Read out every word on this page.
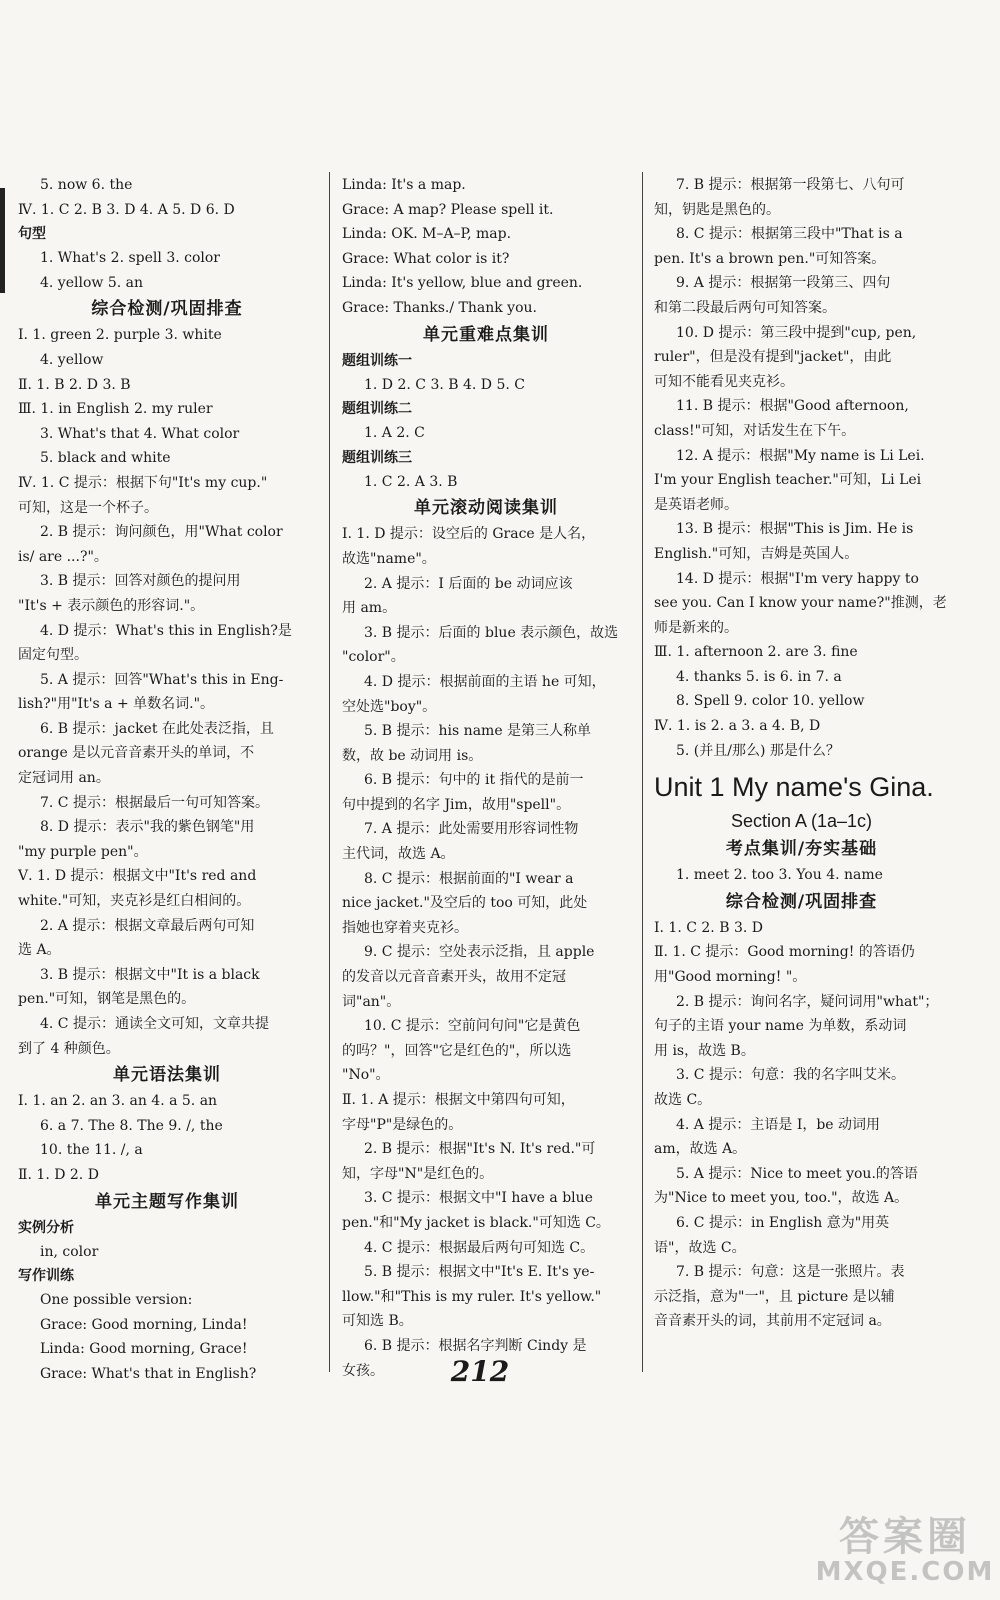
5. now 6. the
Ⅳ. 1. C 2. B 3. D 4. A 5. D 6. D
句型
1. What's 2. spell 3. color
4. yellow 5. an
综合检测/巩固排查
Ⅰ. 1. green 2. purple 3. white
4. yellow
Ⅱ. 1. B 2. D 3. B
Ⅲ. 1. in English 2. my ruler
3. What's that 4. What color
5. black and white
Ⅳ. 1. C 提示：根据下句"It's my cup."
可知，这是一个杯子。
2. B 提示：询问颜色，用"What color
is/ are ...?"。
3. B 提示：回答对颜色的提问用
"It's + 表示颜色的形容词."。
4. D 提示：What's this in English?是
固定句型。
5. A 提示：回答"What's this in Eng-
lish?"用"It's a + 单数名词."。
6. B 提示：jacket 在此处表泛指，且
orange 是以元音音素开头的单词，不
定冠词用 an。
7. C 提示：根据最后一句可知答案。
8. D 提示：表示"我的紫色钢笔"用
"my purple pen"。
Ⅴ. 1. D 提示：根据文中"It's red and
white."可知，夹克衫是红白相间的。
2. A 提示：根据文章最后两句可知
选 A。
3. B 提示：根据文中"It is a black
pen."可知，钢笔是黑色的。
4. C 提示：通读全文可知，文章共提
到了 4 种颜色。
单元语法集训
Ⅰ. 1. an 2. an 3. an 4. a 5. an
6. a 7. The 8. The 9. /, the
10. the 11. /, a
Ⅱ. 1. D 2. D
单元主题写作集训
实例分析
in, color
写作训练
One possible version:
Grace: Good morning, Linda!
Linda: Good morning, Grace!
Grace: What's that in English?
Linda: It's a map.
Grace: A map? Please spell it.
Linda: OK. M–A–P, map.
Grace: What color is it?
Linda: It's yellow, blue and green.
Grace: Thanks./ Thank you.
单元重难点集训
题组训练一
1. D 2. C 3. B 4. D 5. C
题组训练二
1. A 2. C
题组训练三
1. C 2. A 3. B
单元滚动阅读集训
Ⅰ. 1. D 提示：设空后的 Grace 是人名，
故选"name"。
2. A 提示：I 后面的 be 动词应该
用 am。
3. B 提示：后面的 blue 表示颜色，故选
"color"。
4. D 提示：根据前面的主语 he 可知，
空处选"boy"。
5. B 提示：his name 是第三人称单
数，故 be 动词用 is。
6. B 提示：句中的 it 指代的是前一
句中提到的名字 Jim，故用"spell"。
7. A 提示：此处需要用形容词性物
主代词，故选 A。
8. C 提示：根据前面的"I wear a
nice jacket."及空后的 too 可知，此处
指她也穿着夹克衫。
9. C 提示：空处表示泛指，且 apple
的发音以元音音素开头，故用不定冠
词"an"。
10. C 提示：空前问句问"它是黄色
的吗？"，回答"它是红色的"，所以选
"No"。
Ⅱ. 1. A 提示：根据文中第四句可知，
字母"P"是绿色的。
2. B 提示：根据"It's N. It's red."可
知，字母"N"是红色的。
3. C 提示：根据文中"I have a blue
pen."和"My jacket is black."可知选 C。
4. C 提示：根据最后两句可知选 C。
5. B 提示：根据文中"It's E. It's ye-
llow."和"This is my ruler. It's yellow."
可知选 B。
6. B 提示：根据名字判断 Cindy 是
女孩。
7. B 提示：根据第一段第七、八句可
知，钥匙是黑色的。
8. C 提示：根据第三段中"That is a
pen. It's a brown pen."可知答案。
9. A 提示：根据第一段第三、四句
和第二段最后两句可知答案。
10. D 提示：第三段中提到"cup, pen,
ruler"，但是没有提到"jacket"，由此
可知不能看见夹克衫。
11. B 提示：根据"Good afternoon,
class!"可知，对话发生在下午。
12. A 提示：根据"My name is Li Lei.
I'm your English teacher."可知，Li Lei
是英语老师。
13. B 提示：根据"This is Jim. He is
English."可知，吉姆是英国人。
14. D 提示：根据"I'm very happy to
see you. Can I know your name?"推测，老
师是新来的。
Ⅲ. 1. afternoon 2. are 3. fine
4. thanks 5. is 6. in 7. a
8. Spell 9. color 10. yellow
Ⅳ. 1. is 2. a 3. a 4. B, D
5. (并且/那么) 那是什么？
Unit 1 My name's Gina.
Section A (1a–1c)
考点集训/夯实基础
1. meet 2. too 3. You 4. name
综合检测/巩固排查
Ⅰ. 1. C 2. B 3. D
Ⅱ. 1. C 提示：Good morning! 的答语仍
用"Good morning! "。
2. B 提示：询问名字，疑问词用"what"；
句子的主语 your name 为单数，系动词
用 is，故选 B。
3. C 提示：句意：我的名字叫艾米。
故选 C。
4. A 提示：主语是 I，be 动词用
am，故选 A。
5. A 提示：Nice to meet you.的答语
为"Nice to meet you, too."，故选 A。
6. C 提示：in English 意为"用英
语"，故选 C。
7. B 提示：句意：这是一张照片。表
示泛指，意为"一"，且 picture 是以辅
音音素开头的词，其前用不定冠词 a。
212
答案圈
MXQE.COM
